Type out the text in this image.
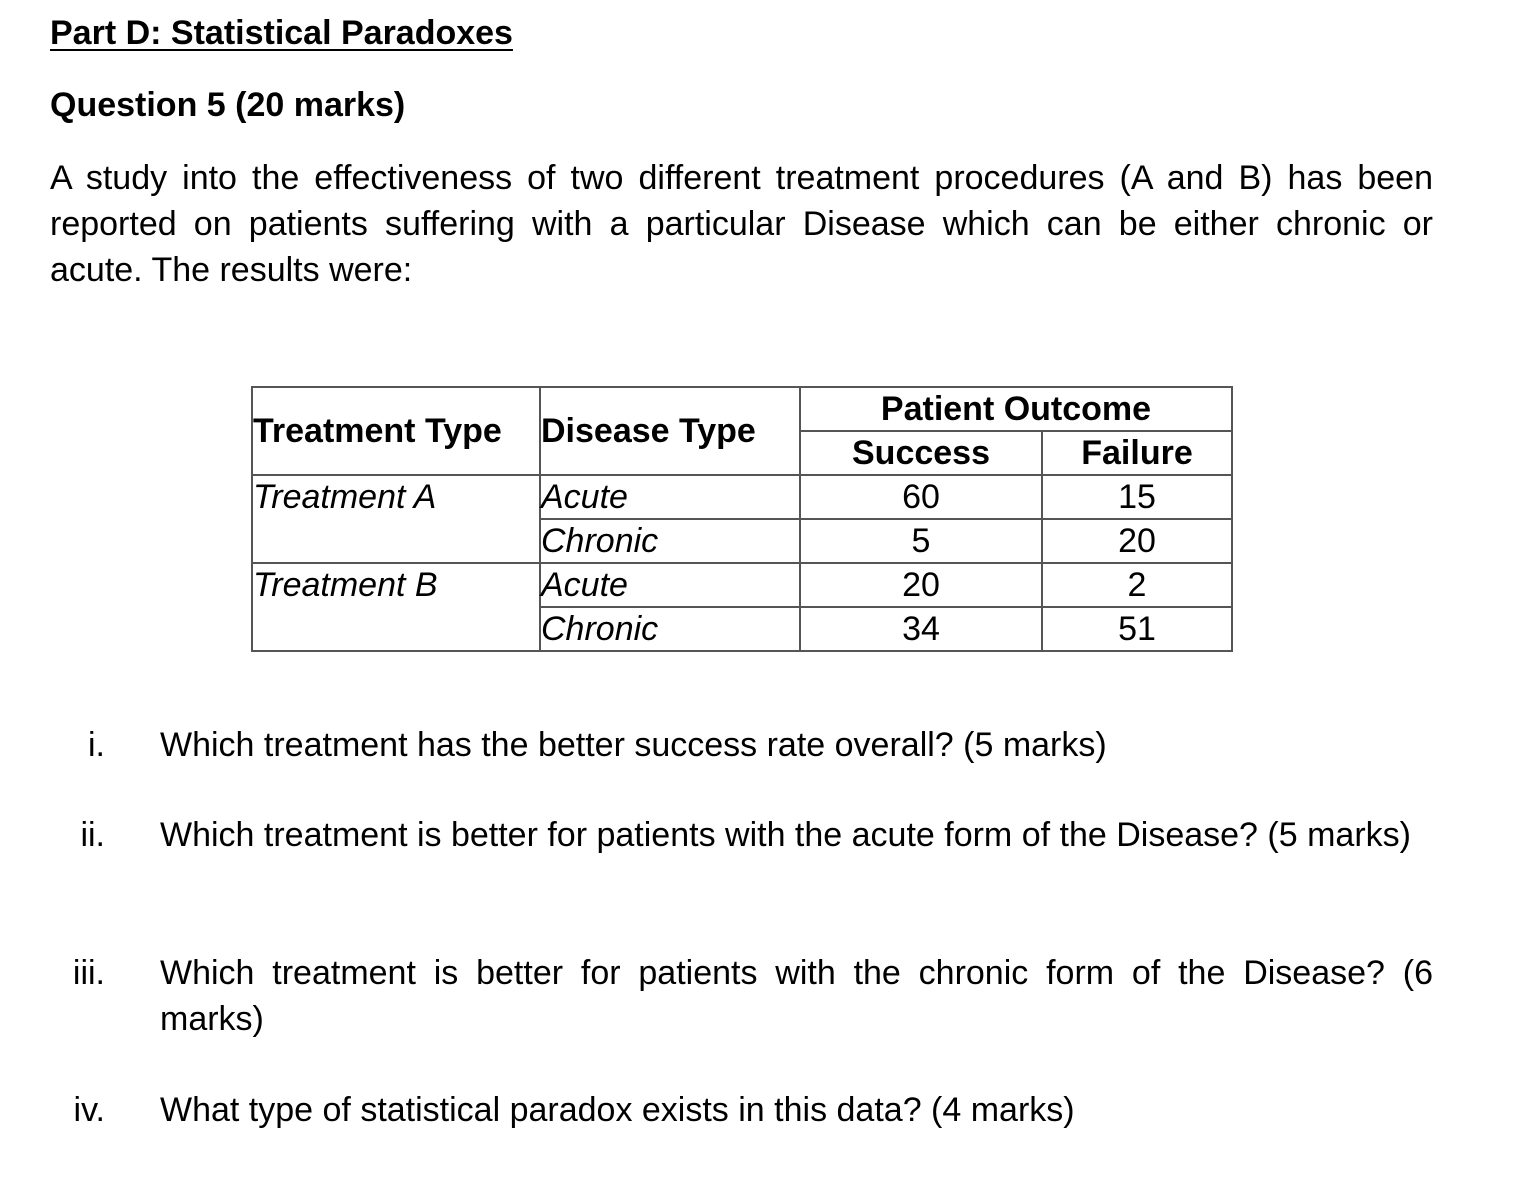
Part D: Statistical Paradoxes
Question 5 (20 marks)
A study into the effectiveness of two different treatment procedures (A and B) has been reported on patients suffering with a particular Disease which can be either chronic or acute. The results were:
Treatment Type	Disease Type	Patient Outcome	
		Success	Failure
Treatment A	Acute	60	15
	Chronic	5	20
Treatment B	Acute	20	2
	Chronic	34	51
i. Which treatment has the better success rate overall? (5 marks)
ii. Which treatment is better for patients with the acute form of the Disease? (5 marks)
iii. Which treatment is better for patients with the chronic form of the Disease? (6 marks)
iv. What type of statistical paradox exists in this data? (4 marks)
